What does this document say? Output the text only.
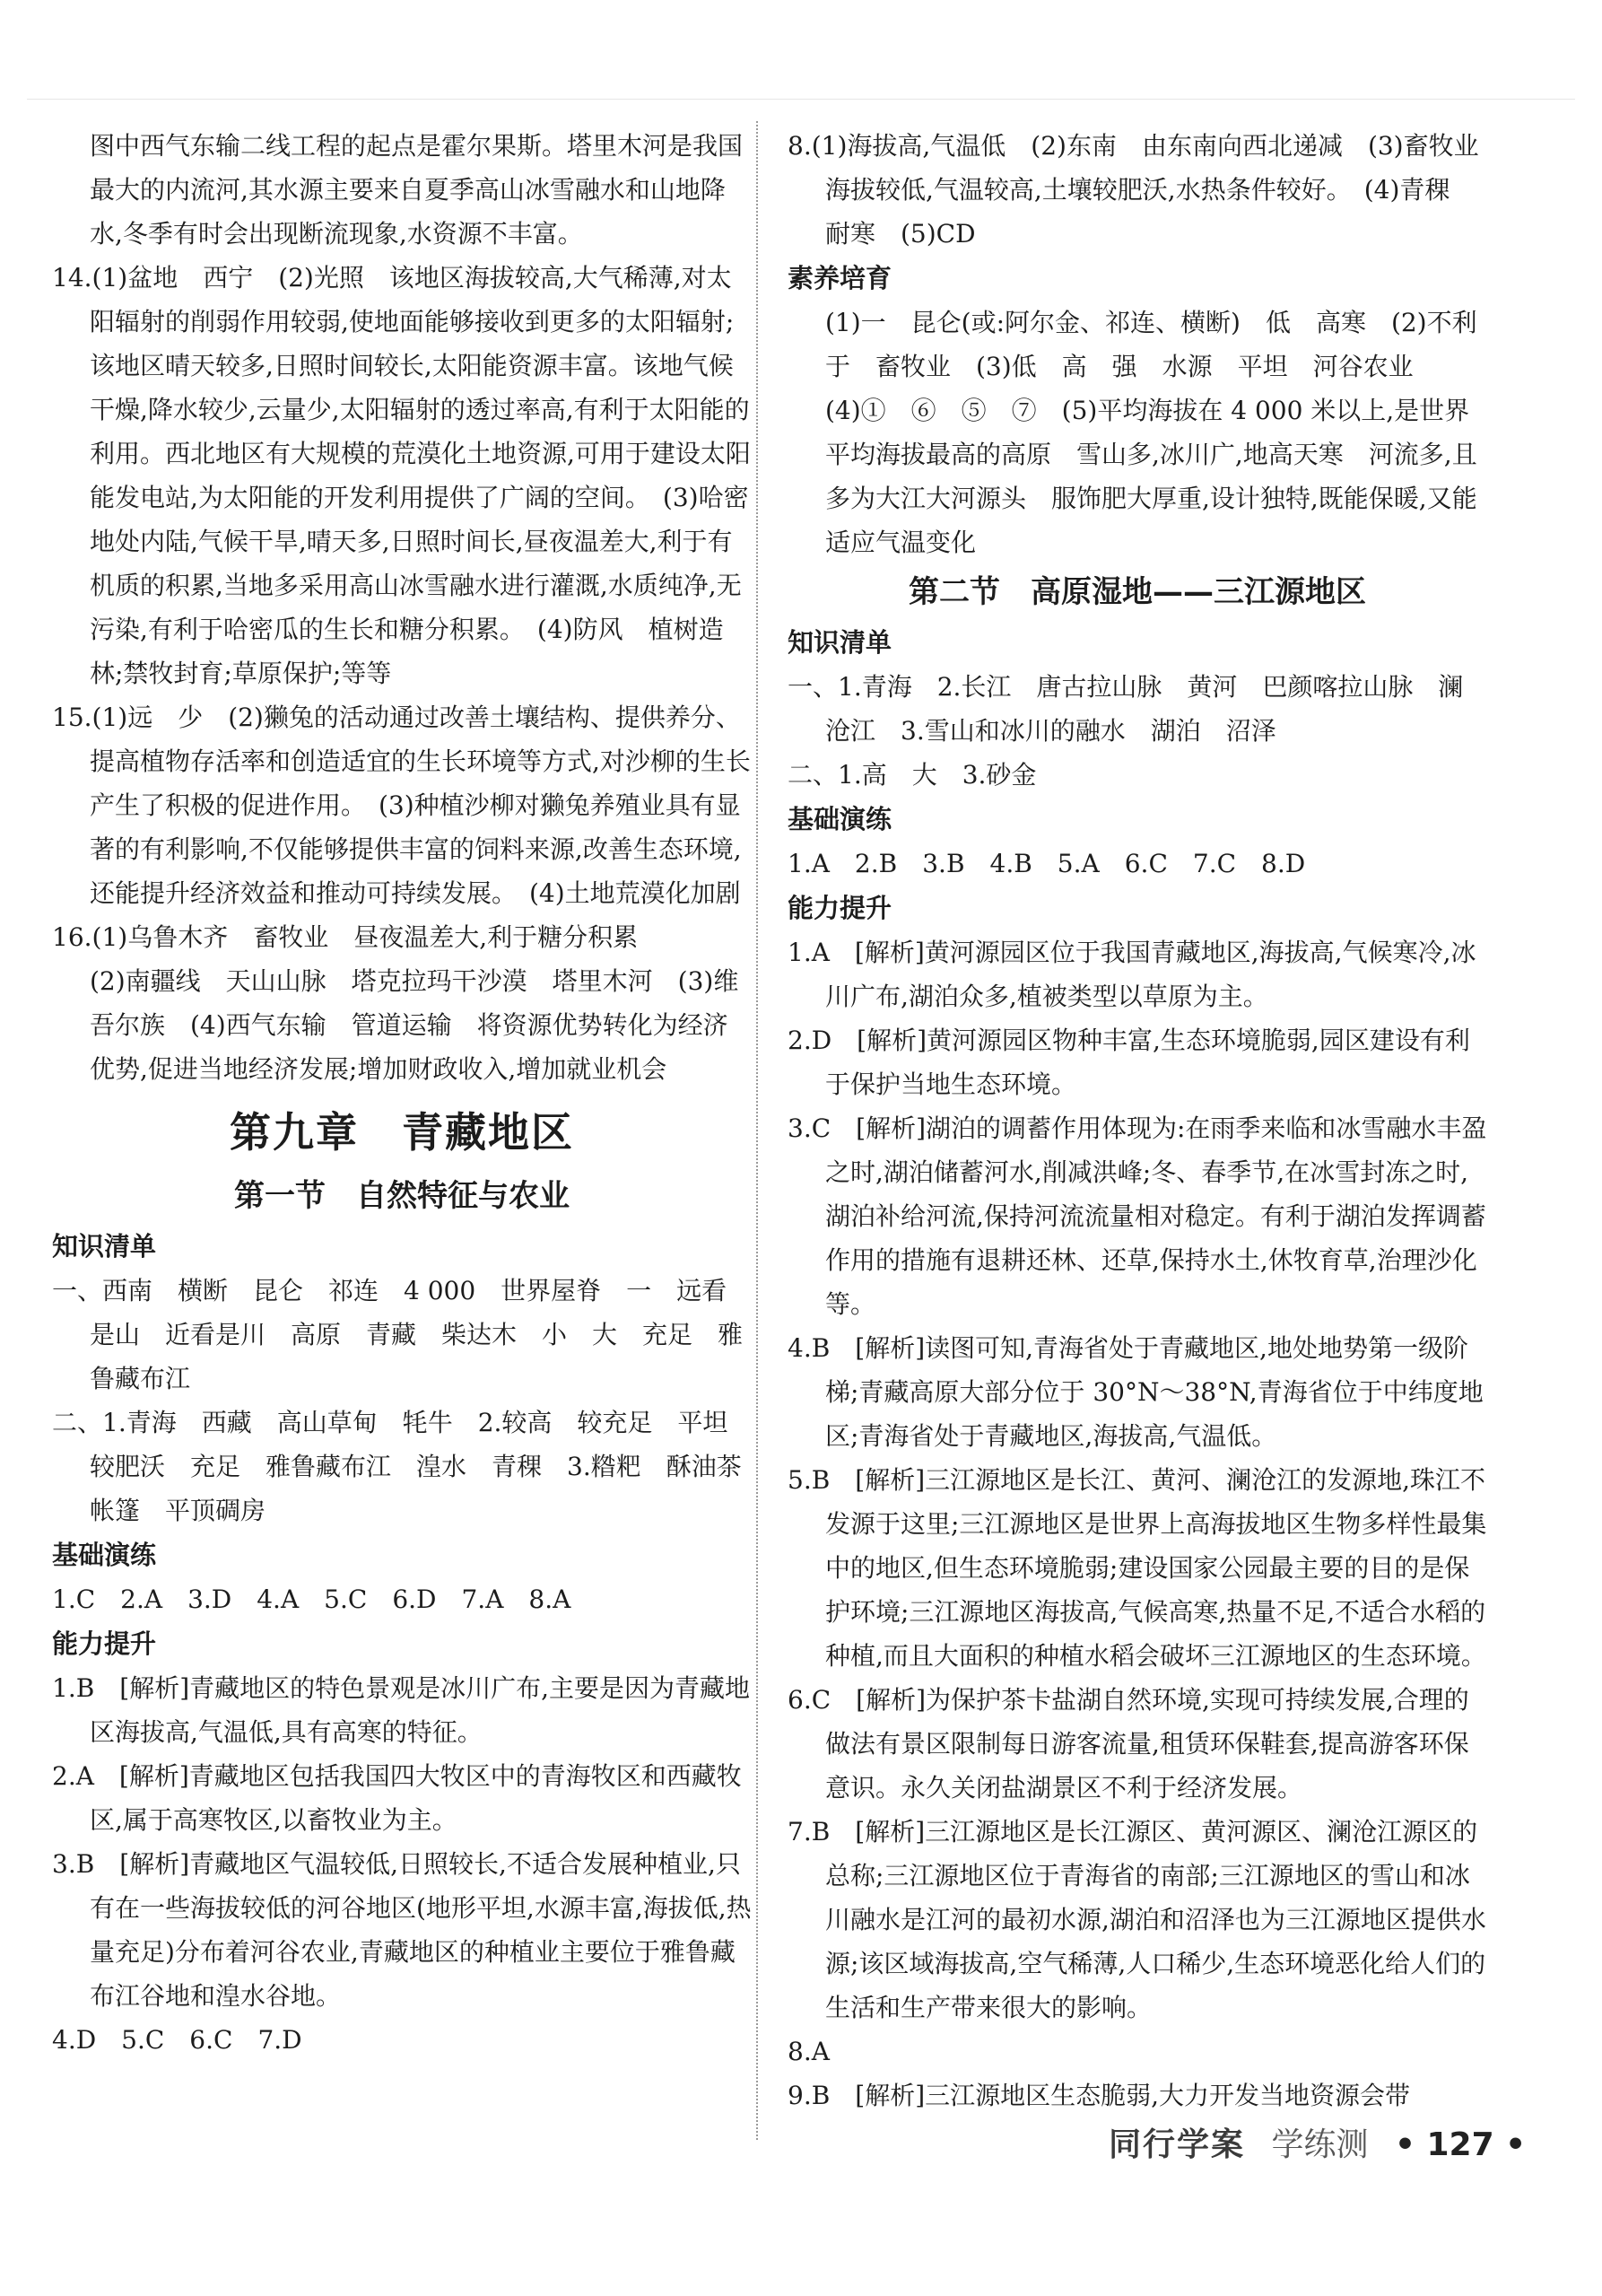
图中西气东输二线工程的起点是霍尔果斯。塔里木河是我国最大的内流河,其水源主要来自夏季高山冰雪融水和山地降水,冬季有时会出现断流现象,水资源不丰富。

14.(1)盆地　西宁　(2)光照　该地区海拔较高,大气稀薄,对太阳辐射的削弱作用较弱,使地面能够接收到更多的太阳辐射;该地区晴天较多,日照时间较长,太阳能资源丰富。该地气候干燥,降水较少,云量少,太阳辐射的透过率高,有利于太阳能的利用。西北地区有大规模的荒漠化土地资源,可用于建设太阳能发电站,为太阳能的开发利用提供了广阔的空间。　(3)哈密地处内陆,气候干旱,晴天多,日照时间长,昼夜温差大,利于有机质的积累,当地多采用高山冰雪融水进行灌溉,水质纯净,无污染,有利于哈密瓜的生长和糖分积累。　(4)防风　植树造林;禁牧封育;草原保护;等等

15.(1)远　少　(2)獭兔的活动通过改善土壤结构、提供养分、提高植物存活率和创造适宜的生长环境等方式,对沙柳的生长产生了积极的促进作用。　(3)种植沙柳对獭兔养殖业具有显著的有利影响,不仅能够提供丰富的饲料来源,改善生态环境,还能提升经济效益和推动可持续发展。　(4)土地荒漠化加剧

16.(1)乌鲁木齐　畜牧业　昼夜温差大,利于糖分积累

(2)南疆线　天山山脉　塔克拉玛干沙漠　塔里木河　(3)维吾尔族　(4)西气东输　管道运输　将资源优势转化为经济优势,促进当地经济发展;增加财政收入,增加就业机会

第九章　青藏地区
第一节　自然特征与农业
知识清单

一、西南　横断　昆仑　祁连　4 000　世界屋脊　一　远看是山　近看是川　高原　青藏　柴达木　小　大　充足　雅鲁藏布江

二、1.青海　西藏　高山草甸　牦牛　2.较高　较充足　平坦　较肥沃　充足　雅鲁藏布江　湟水　青稞　3.糌粑　酥油茶　帐篷　平顶碉房

基础演练

1.C　2.A　3.D　4.A　5.C　6.D　7.A　8.A

能力提升

1.B　[解析]青藏地区的特色景观是冰川广布,主要是因为青藏地区海拔高,气温低,具有高寒的特征。

2.A　[解析]青藏地区包括我国四大牧区中的青海牧区和西藏牧区,属于高寒牧区,以畜牧业为主。

3.B　[解析]青藏地区气温较低,日照较长,不适合发展种植业,只有在一些海拔较低的河谷地区(地形平坦,水源丰富,海拔低,热量充足)分布着河谷农业,青藏地区的种植业主要位于雅鲁藏布江谷地和湟水谷地。

4.D　5.C　6.C　7.D

8.(1)海拔高,气温低　(2)东南　由东南向西北递减　(3)畜牧业　海拔较低,气温较高,土壤较肥沃,水热条件较好。　(4)青稞　耐寒　(5)CD

素养培育

(1)一　昆仑(或:阿尔金、祁连、横断)　低　高寒　(2)不利于　畜牧业　(3)低　高　强　水源　平坦　河谷农业　(4)①　⑥　⑤　⑦　(5)平均海拔在 4 000 米以上,是世界平均海拔最高的高原　雪山多,冰川广,地高天寒　河流多,且多为大江大河源头　服饰肥大厚重,设计独特,既能保暖,又能适应气温变化

第二节　高原湿地——三江源地区
知识清单

一、1.青海　2.长江　唐古拉山脉　黄河　巴颜喀拉山脉　澜沧江　3.雪山和冰川的融水　湖泊　沼泽

二、1.高　大　3.砂金

基础演练

1.A　2.B　3.B　4.B　5.A　6.C　7.C　8.D

能力提升

1.A　[解析]黄河源园区位于我国青藏地区,海拔高,气候寒冷,冰川广布,湖泊众多,植被类型以草原为主。

2.D　[解析]黄河源园区物种丰富,生态环境脆弱,园区建设有利于保护当地生态环境。

3.C　[解析]湖泊的调蓄作用体现为:在雨季来临和冰雪融水丰盈之时,湖泊储蓄河水,削减洪峰;冬、春季节,在冰雪封冻之时,湖泊补给河流,保持河流流量相对稳定。有利于湖泊发挥调蓄作用的措施有退耕还林、还草,保持水土,休牧育草,治理沙化等。

4.B　[解析]读图可知,青海省处于青藏地区,地处地势第一级阶梯;青藏高原大部分位于 30°N～38°N,青海省位于中纬度地区;青海省处于青藏地区,海拔高,气温低。

5.B　[解析]三江源地区是长江、黄河、澜沧江的发源地,珠江不发源于这里;三江源地区是世界上高海拔地区生物多样性最集中的地区,但生态环境脆弱;建设国家公园最主要的目的是保护环境;三江源地区海拔高,气候高寒,热量不足,不适合水稻的种植,而且大面积的种植水稻会破坏三江源地区的生态环境。

6.C　[解析]为保护茶卡盐湖自然环境,实现可持续发展,合理的做法有景区限制每日游客流量,租赁环保鞋套,提高游客环保意识。永久关闭盐湖景区不利于经济发展。

7.B　[解析]三江源地区是长江源区、黄河源区、澜沧江源区的总称;三江源地区位于青海省的南部;三江源地区的雪山和冰川融水是江河的最初水源,湖泊和沼泽也为三江源地区提供水源;该区域海拔高,空气稀薄,人口稀少,生态环境恶化给人们的生活和生产带来很大的影响。

8.A

9.B　[解析]三江源地区生态脆弱,大力开发当地资源会带

同行学案 学练测 • 127 •
